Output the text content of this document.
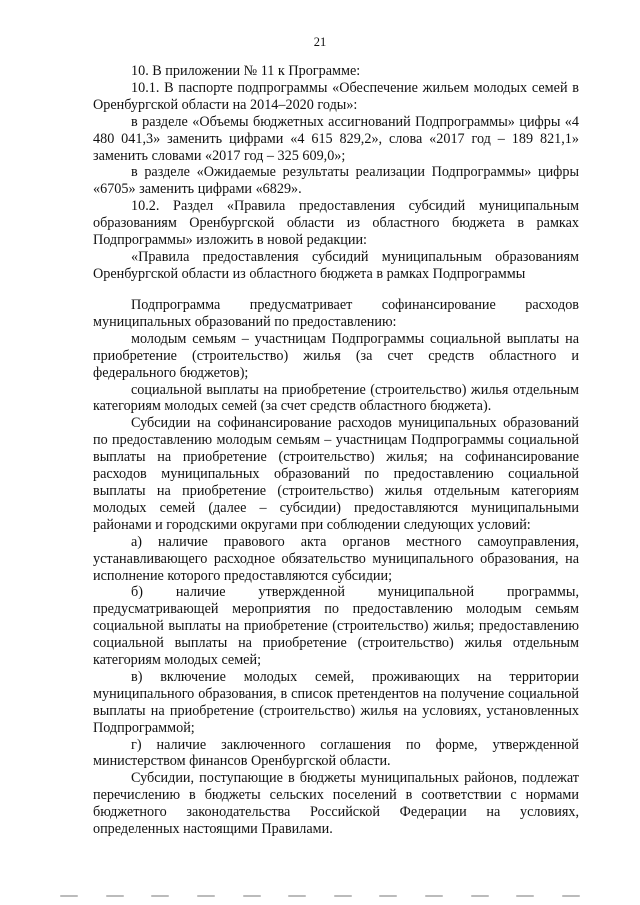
21

10. В приложении № 11 к Программе:

10.1. В паспорте подпрограммы «Обеспечение жильем молодых семей в Оренбургской области на 2014–2020 годы»:

в разделе «Объемы бюджетных ассигнований Подпрограммы» цифры «4 480 041,3» заменить цифрами «4 615 829,2», слова «2017 год – 189 821,1» заменить словами «2017 год – 325 609,0»;

в разделе «Ожидаемые результаты реализации Подпрограммы» цифры «6705» заменить цифрами «6829».

10.2. Раздел «Правила предоставления субсидий муниципальным образованиям Оренбургской области из областного бюджета в рамках Подпрограммы» изложить в новой редакции:

«Правила предоставления субсидий муниципальным образованиям Оренбургской области из областного бюджета в рамках Подпрограммы

Подпрограмма предусматривает софинансирование расходов муниципальных образований по предоставлению:

молодым семьям – участницам Подпрограммы социальной выплаты на приобретение (строительство) жилья (за счет средств областного и федерального бюджетов);

социальной выплаты на приобретение (строительство) жилья отдельным категориям молодых семей (за счет средств областного бюджета).

Субсидии на софинансирование расходов муниципальных образований по предоставлению молодым семьям – участницам Подпрограммы социальной выплаты на приобретение (строительство) жилья; на софинансирование расходов муниципальных образований по предоставлению социальной выплаты на приобретение (строительство) жилья отдельным категориям молодых семей (далее – субсидии) предоставляются муниципальными районами и городскими округами при соблюдении следующих условий:

а) наличие правового акта органов местного самоуправления, устанавливающего расходное обязательство муниципального образования, на исполнение которого предоставляются субсидии;

б) наличие утвержденной муниципальной программы, предусматривающей мероприятия по предоставлению молодым семьям социальной выплаты на приобретение (строительство) жилья; предоставлению социальной выплаты на приобретение (строительство) жилья отдельным категориям молодых семей;

в) включение молодых семей, проживающих на территории муниципального образования, в список претендентов на получение социальной выплаты на приобретение (строительство) жилья на условиях, установленных Подпрограммой;

г) наличие заключенного соглашения по форме, утвержденной министерством финансов Оренбургской области.

Субсидии, поступающие в бюджеты муниципальных районов, подлежат перечислению в бюджеты сельских поселений в соответствии с нормами бюджетного законодательства Российской Федерации на условиях, определенных настоящими Правилами.
